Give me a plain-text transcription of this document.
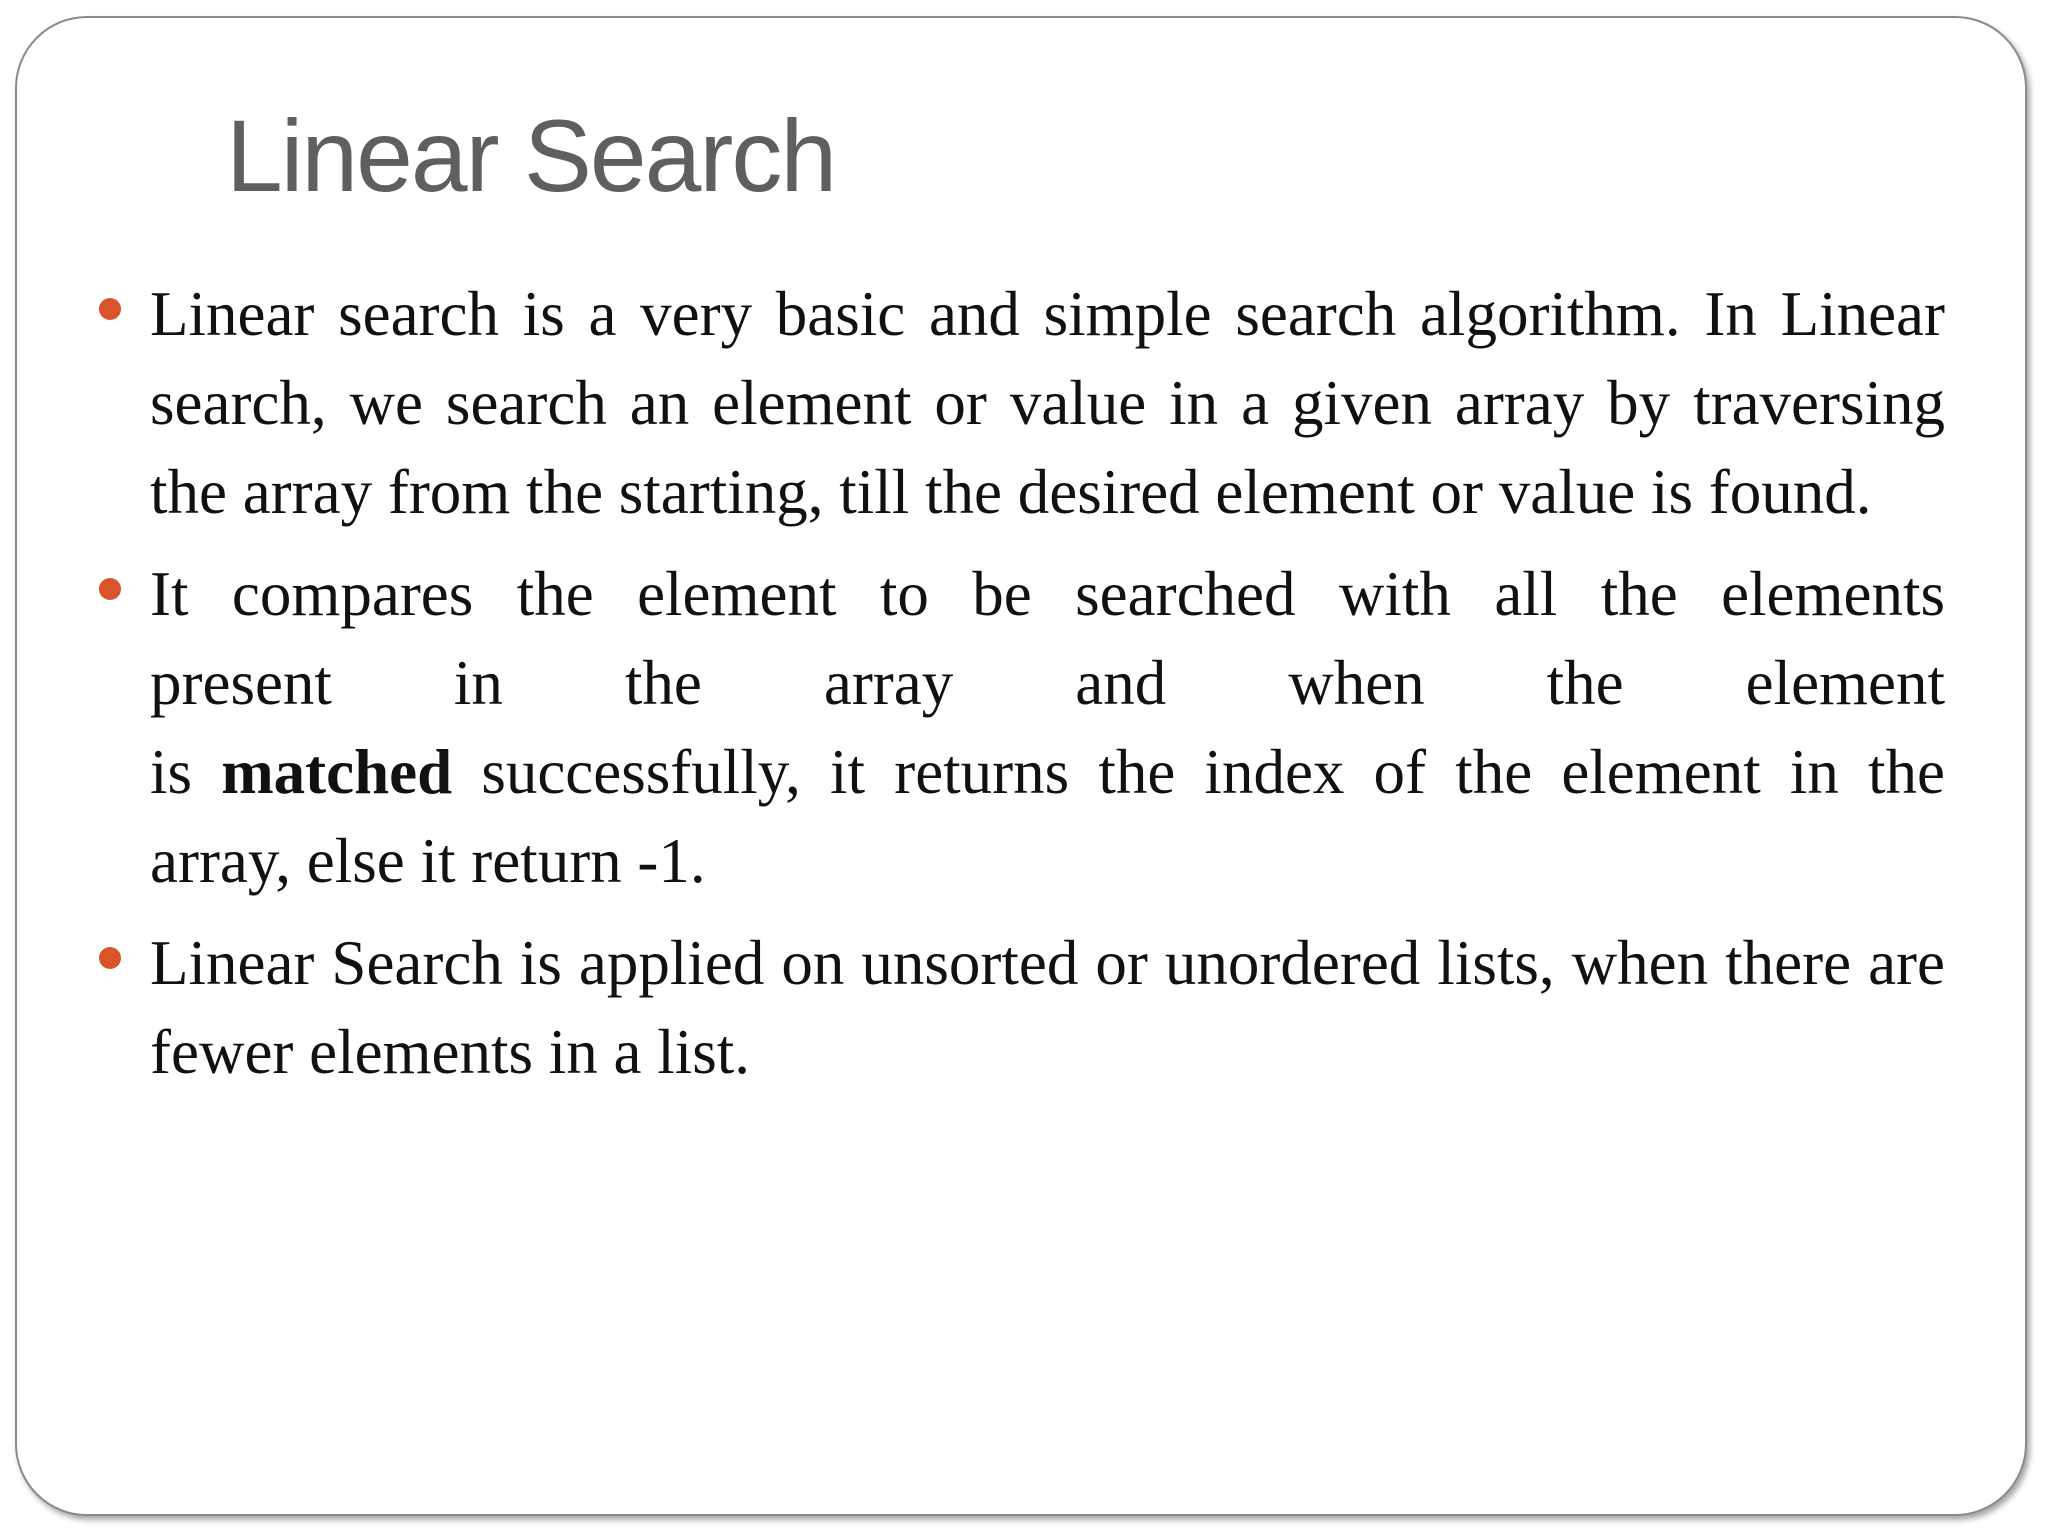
Linear Search
Linear search is a very basic and simple search algorithm. In Linear search, we search an element or value in a given array by traversing the array from the starting, till the desired element or value is found.
It compares the element to be searched with all the elements
present in the array and when the element
is matched successfully, it returns the index of the element in the array, else it return -1.
Linear Search is applied on unsorted or unordered lists, when there are fewer elements in a list.
